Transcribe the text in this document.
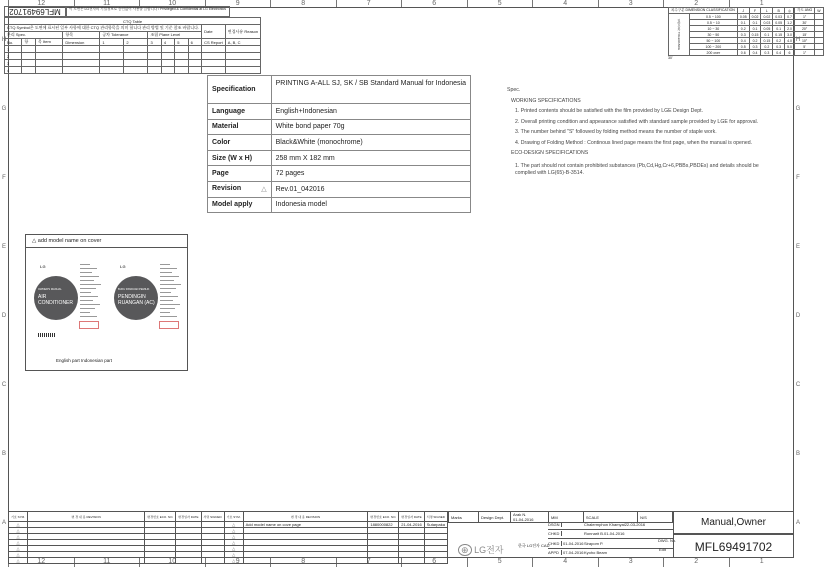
12
12
11
11
10
10
9
9
8
8
7
7
6
6
5
5
4
4
3
3
2
2
1
1
H	H
G	G
F	F
E	E
D	D
C	C
B	B
A	A
MFL69491702	이 도면은 LG전자의 기밀정보로 승인없이 사용을 금합니다 / Privileged & Confidential at LG Electronics
CTQ Table											
CTQ Symbol은 도면에 표시된 일부 사항에 대한 CTQ 관리항목을 의미 합니다 관리 방법 및 기준 참조 바랍니다.										Date	변경사유 Reason
관리 Spec.			항목	공차 Tolerance		조립 Plane Level					
No.	항	목 Item	Dimension	1	2	3	4	5	6	CS Report	A, B, C
1											
2											
3											
4											
치수구분 DIMENSION CLASSIFICATION		J	F	L	B	◎	각도 ANG	W
일반공차 TOLERANCE	0.5 ~ 100	0.05	0.02	0.02	0.03	0.7	1°	
	0.5 ~ 10	0.1	0.1	0.03	0.05	1.2	30'	
	10 ~ 30	0.2	0.1	0.05	0.1	2.0	20°	
	30 ~ 50	0.3	0.15	0.1	0.15	3.0	15'	
	50 ~ 100	0.4	0.2	0.15	0.2	4.0	10°	
	100 ~ 200	0.5	0.3	0.2	0.3	5.0	5'	
	200 over	0.6	0.4	0.3	0.4	6	1°	
30'
Specification	PRINTING A-ALL SJ, SK / SB Standard Manual for Indonesia
Language	English+Indonesian
Material	White bond paper 70g
Color	Black&White (monochrome)
Size (W x H)	258 mm X 182 mm
Page	72 pages
Revision △	Rev.01_042016
Model apply	Indonesia model
Spec.
WORKING SPECIFICATIONS
1. Printed contents should be satisfied with the film provided by LGE Design Dept.
2. Overall printing condition and appearance satisfied with standard sample provided by LGE for approval.
3. The number behind "S" followed by folding method means the number of staple work.
4. Drawing of Folding Method : Continous lined page means the first page, when the manual is opened.
ECO-DESIGN SPECIFICATIONS
1. The part should not contain prohibited substances (Pb,Cd,Hg,Cr+6,PBBs,PBDEs) and details should be complied with LG(65)-B-3514.
△ add model name on cover
LG
OWNER'S MANUAL
AIR CONDITIONER
LG
BUKU PANDUAN PEMILIK
PENDINGIN RUANGAN (AC)
English part Indonesian part
기호 SYM.	변 경 내 용 REVISION	변경번호 ECO. NO.	변경일자 DATE	서명 SIGNED	기호 SYM.	변 경 내 용 REVISION	변경번호 ECO. NO.	변경일자 DATE	서명 SIGNED
△					△	Add model name on cove page	1880000822	21-04-2016	Sutarpaka
△					△				
△					△				
△					△				
△					△				
△					△				
△					△				
Marks	Design Dept.	Arak N.
01-04-2016	MM	SCALE	N/S
DSGN	Chalermphon Khamyai22-03-2016
CHKD	Ronnarit B.01-04-2016
CHKD 01-04-2016 Sirapom P.
APPD	07-04-2016 Kyoho Beam
⊕ LG전자	한국 LG전자 CAD
Manual,Owner
DWG. No.
Edit	MFL69491702
